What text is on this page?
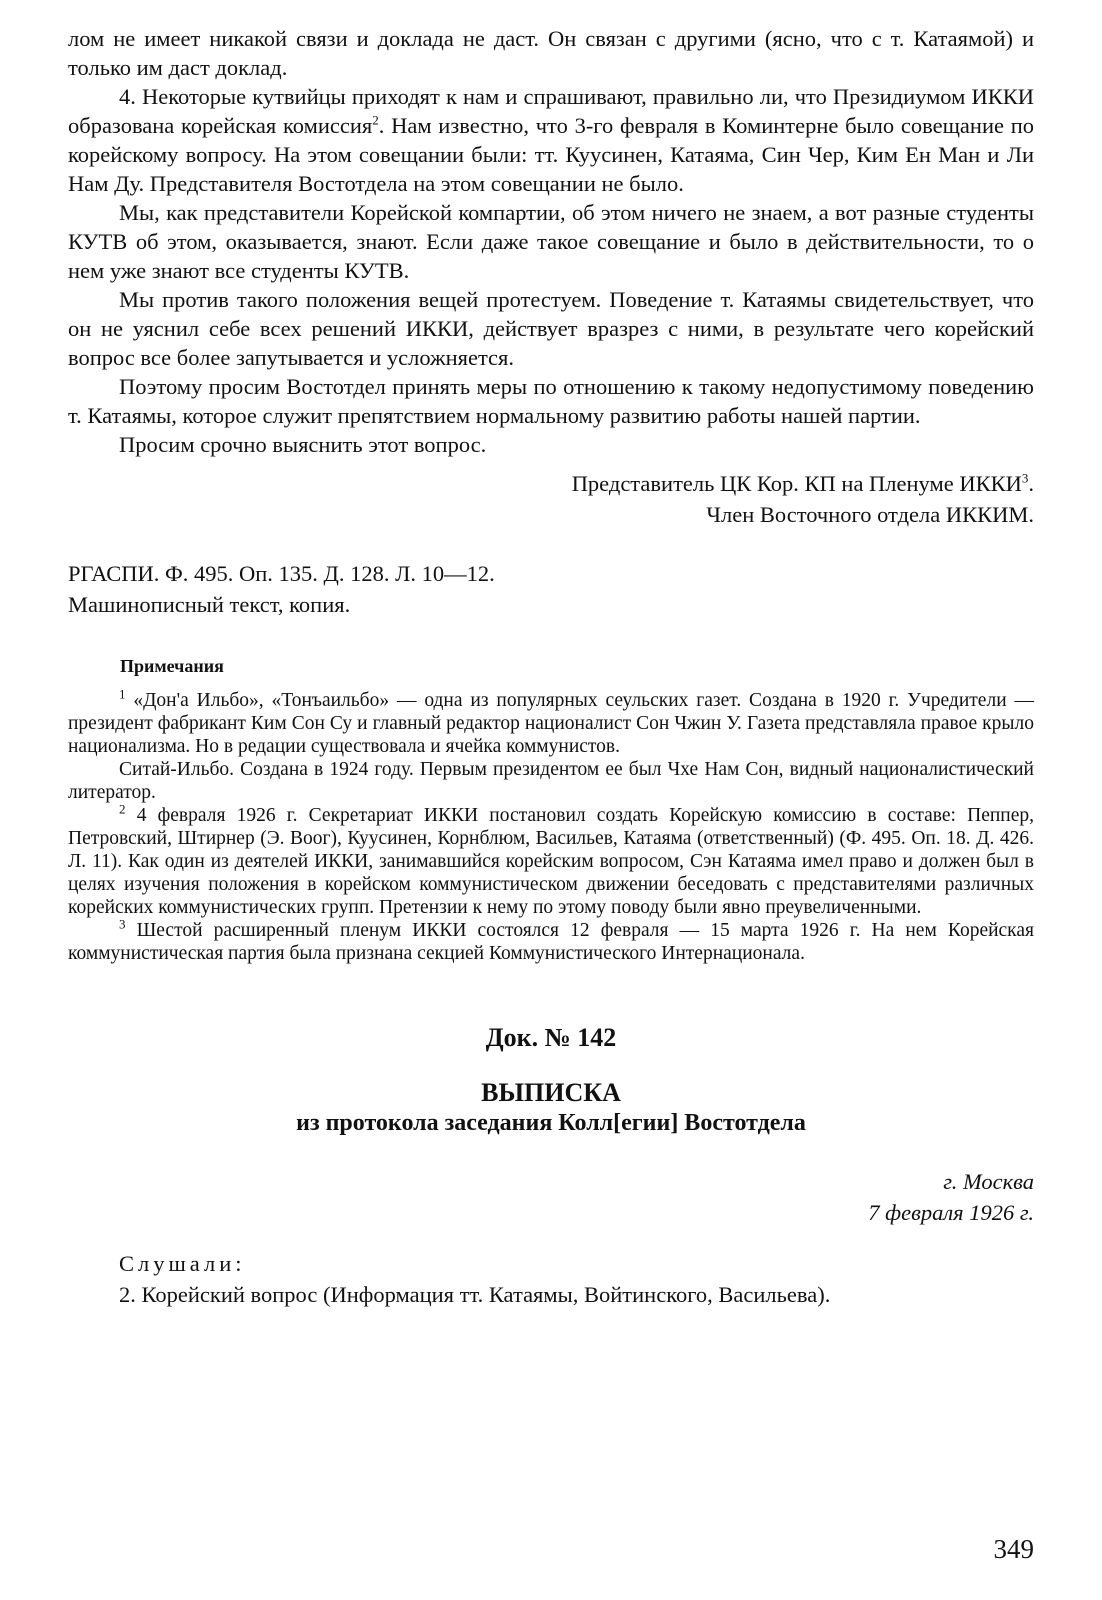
лом не имеет никакой связи и доклада не даст. Он связан с другими (ясно, что с т. Катаямой) и только им даст доклад.

4. Некоторые кутвийцы приходят к нам и спрашивают, правильно ли, что Президиумом ИККИ образована корейская комиссия$^2$. Нам известно, что 3-го февраля в Коминтерне было совещание по корейскому вопросу. На этом совещании были: тт. Куусинен, Катаяма, Син Чер, Ким Ен Ман и Ли Нам Ду. Представителя Востотдела на этом совещании не было.

Мы, как представители Корейской компартии, об этом ничего не знаем, а вот разные студенты КУТВ об этом, оказывается, знают. Если даже такое совещание и было в действительности, то о нем уже знают все студенты КУТВ.

Мы против такого положения вещей протестуем. Поведение т. Катаямы свидетельствует, что он не уяснил себе всех решений ИККИ, действует вразрез с ними, в результате чего корейский вопрос все более запутывается и усложняется.

Поэтому просим Востотдел принять меры по отношению к такому недопустимому поведению т. Катаямы, которое служит препятствием нормальному развитию работы нашей партии.

Просим срочно выяснить этот вопрос.

Представитель ЦК Кор. КП на Пленуме ИККИ$^3$.
Член Восточного отдела ИККИМ.
РГАСПИ. Ф. 495. Оп. 135. Д. 128. Л. 10—12.
Машинописный текст, копия.
Примечания

$^1$ «Дон'а Ильбо», «Тонъаильбо» — одна из популярных сеульских газет. Создана в 1920 г. Учредители — президент фабрикант Ким Сон Су и главный редактор националист Сон Чжин У. Газета представляла правое крыло национализма. Но в редации существовала и ячейка коммунистов.

Ситай-Ильбо. Создана в 1924 году. Первым президентом ее был Чхе Нам Сон, видный националистический литератор.

$^2$ 4 февраля 1926 г. Секретариат ИККИ постановил создать Корейскую комиссию в составе: Пеппер, Петровский, Штирнер (Э. Воог), Куусинен, Корнблюм, Васильев, Катаяма (ответственный) (Ф. 495. Оп. 18. Д. 426. Л. 11). Как один из деятелей ИККИ, занимавшийся корейским вопросом, Сэн Катаяма имел право и должен был в целях изучения положения в корейском коммунистическом движении беседовать с представителями различных корейских коммунистических групп. Претензии к нему по этому поводу были явно преувеличенными.

$^3$ Шестой расширенный пленум ИККИ состоялся 12 февраля — 15 марта 1926 г. На нем Корейская коммунистическая партия была признана секцией Коммунистического Интернационала.

Док. № 142
ВЫПИСКА
из протокола заседания Колл[егии] Востотдела
г. Москва
7 февраля 1926 г.
Слушали:
2. Корейский вопрос (Информация тт. Катаямы, Войтинского, Васильева).
349
